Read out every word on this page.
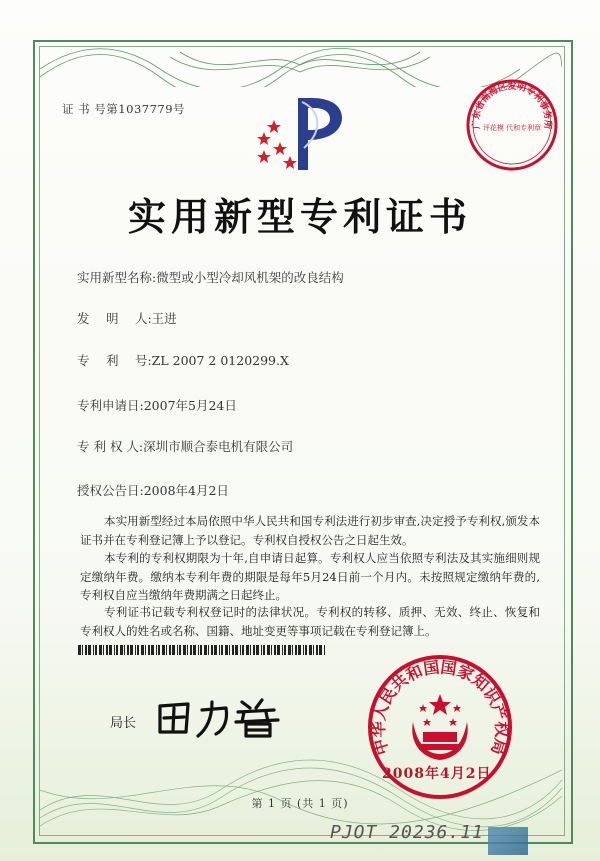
证 书 号第1037779号
广东省南海区发明专利事务所
评花模 代和专利章
实用新型专利证书
实用新型名称:微型或小型冷却风机架的改良结构
发　 明 　人:王进
专 　利　 号:ZL 2007 2 0120299.X
专利申请日:2007年5月24日
专 利 权 人:深圳市顺合泰电机有限公司
授权公告日:2008年4月2日
本实用新型经过本局依照中华人民共和国专利法进行初步审查,决定授予专利权,颁发本证书并在专利登记簿上予以登记。专利权自授权公告之日起生效。
本专利的专利权期限为十年,自申请日起算。专利权人应当依照专利法及其实施细则规定缴纳年费。缴纳本专利年费的期限是每年5月24日前一个月内。未按照规定缴纳年费的,专利权自应当缴纳年费期满之日起终止。
专利证书记载专利权登记时的法律状况。专利权的转移、质押、无效、终止、恢复和专利权人的姓名或名称、国籍、地址变更等事项记载在专利登记簿上。
局长
中华人民共和国国家知识产权局
2008年4月2日
第 1 页 (共 1 页)
PJOT 20236.11
